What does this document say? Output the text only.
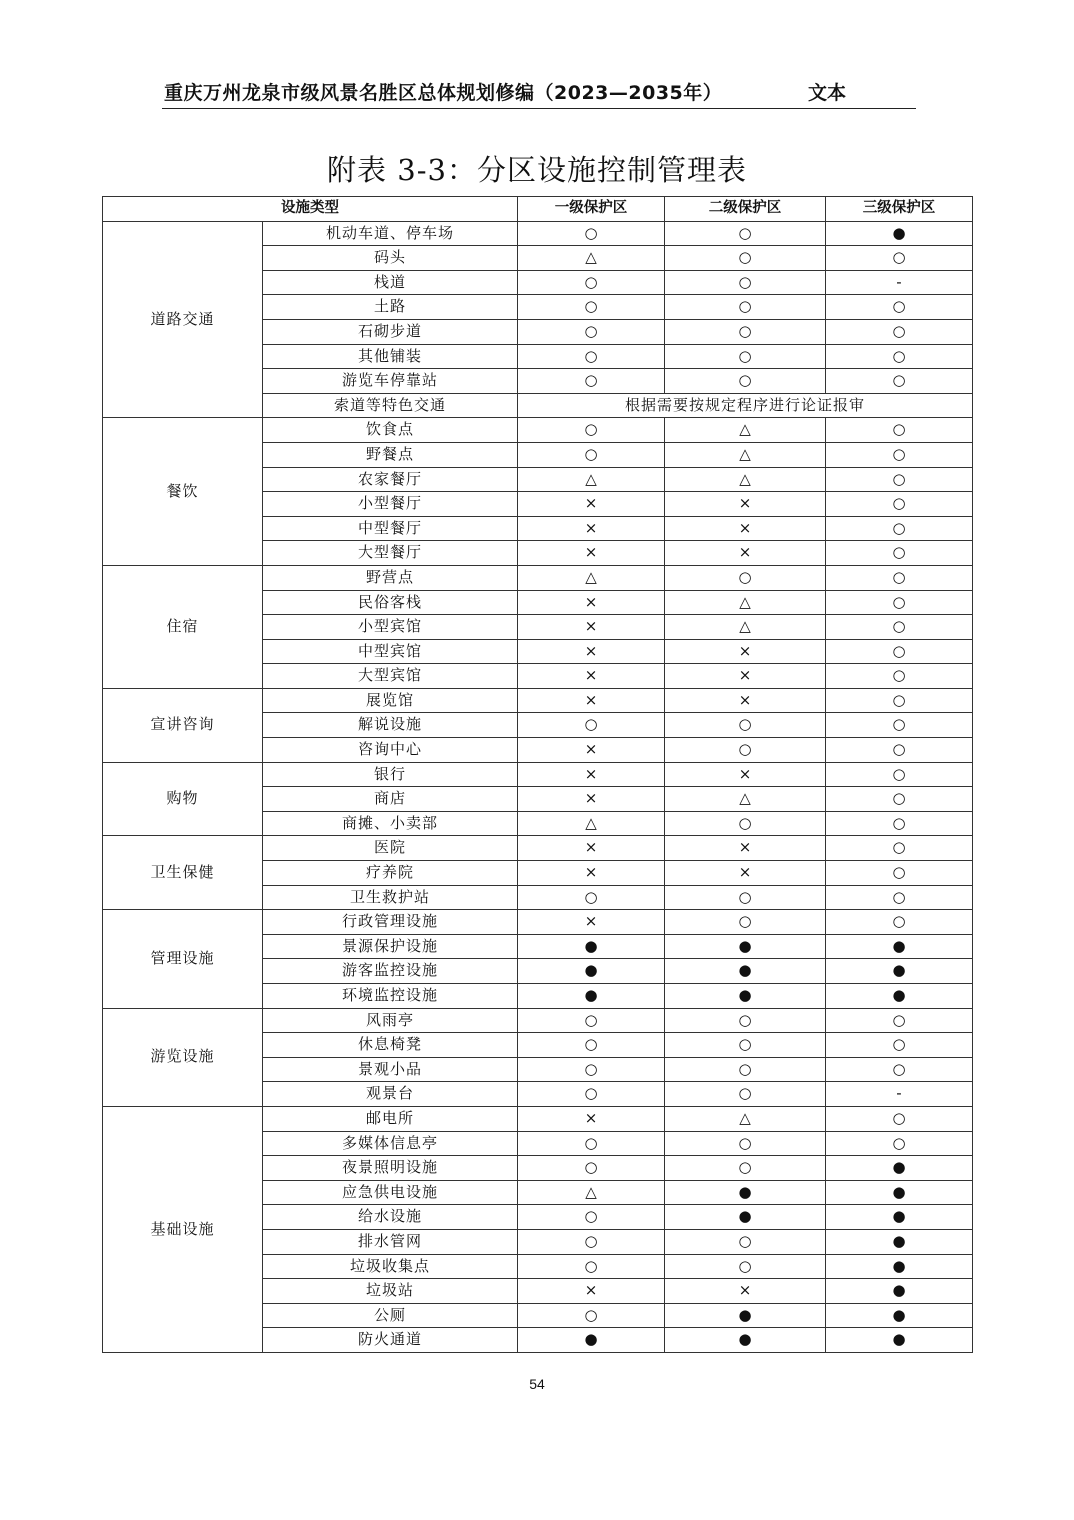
重庆万州龙泉市级风景名胜区总体规划修编（2023—2035年）	文本
附表 3-3：分区设施控制管理表
设施类型		一级保护区	二级保护区	三级保护区
道路交通	机动车道、停车场	○	○	●
	码头	△	○	○
	栈道	○	○	-
	土路	○	○	○
	石砌步道	○	○	○
	其他铺装	○	○	○
	游览车停靠站	○	○	○
	索道等特色交通	根据需要按规定程序进行论证报审		
餐饮	饮食点	○	△	○
	野餐点	○	△	○
	农家餐厅	△	△	○
	小型餐厅	×	×	○
	中型餐厅	×	×	○
	大型餐厅	×	×	○
住宿	野营点	△	○	○
	民俗客栈	×	△	○
	小型宾馆	×	△	○
	中型宾馆	×	×	○
	大型宾馆	×	×	○
宣讲咨询	展览馆	×	×	○
	解说设施	○	○	○
	咨询中心	×	○	○
购物	银行	×	×	○
	商店	×	△	○
	商摊、小卖部	△	○	○
卫生保健	医院	×	×	○
	疗养院	×	×	○
	卫生救护站	○	○	○
管理设施	行政管理设施	×	○	○
	景源保护设施	●	●	●
	游客监控设施	●	●	●
	环境监控设施	●	●	●
游览设施	风雨亭	○	○	○
	休息椅凳	○	○	○
	景观小品	○	○	○
	观景台	○	○	-
基础设施	邮电所	×	△	○
	多媒体信息亭	○	○	○
	夜景照明设施	○	○	●
	应急供电设施	△	●	●
	给水设施	○	●	●
	排水管网	○	○	●
	垃圾收集点	○	○	●
	垃圾站	×	×	●
	公厕	○	●	●
	防火通道	●	●	●
54
